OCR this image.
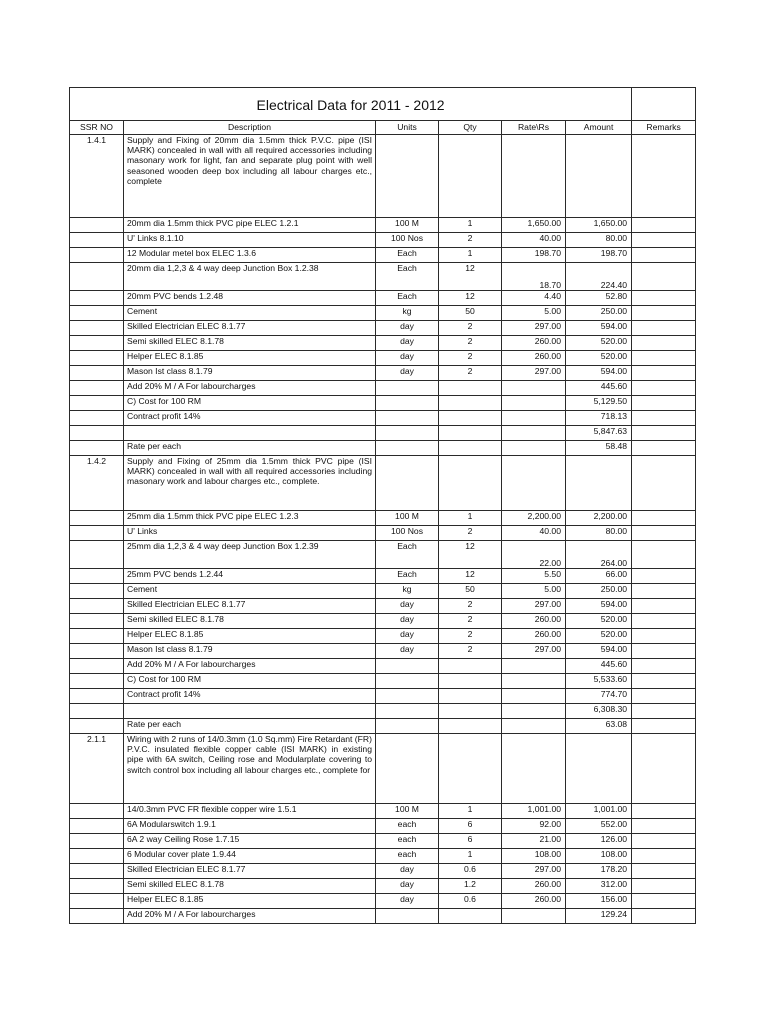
Electrical Data for 2011 - 2012						
SSR NO	Description	Units	Qty	Rate\Rs	Amount	Remarks
1.4.1	Supply and Fixing of 20mm dia 1.5mm thick P.V.C. pipe (ISI MARK) concealed in wall with all required accessories including masonary work for light, fan and separate plug point with well seasoned wooden deep box including all labour charges etc., complete					
	20mm dia 1.5mm thick PVC pipe ELEC 1.2.1	100 M	1	1,650.00	1,650.00	
	U' Links 8.1.10	100 Nos	2	40.00	80.00	
	12 Modular metel box ELEC 1.3.6	Each	1	198.70	198.70	
	20mm dia 1,2,3 & 4 way deep Junction Box 1.2.38	Each	12	18.70	224.40	
	20mm PVC bends 1.2.48	Each	12	4.40	52.80	
	Cement	kg	50	5.00	250.00	
	Skilled Electrician ELEC 8.1.77	day	2	297.00	594.00	
	Semi skilled ELEC 8.1.78	day	2	260.00	520.00	
	Helper ELEC 8.1.85	day	2	260.00	520.00	
	Mason Ist class 8.1.79	day	2	297.00	594.00	
	Add 20% M / A For labourcharges				445.60	
	C) Cost for 100 RM				5,129.50	
	Contract profit 14%				718.13	
					5,847.63	
	Rate per each				58.48	
1.4.2	Supply and Fixing of 25mm dia 1.5mm thick PVC pipe (ISI MARK) concealed in wall with all required accessories including masonary work and labour charges etc., complete.					
	25mm dia 1.5mm thick PVC pipe ELEC 1.2.3	100 M	1	2,200.00	2,200.00	
	U' Links	100 Nos	2	40.00	80.00	
	25mm dia 1,2,3 & 4 way deep Junction Box 1.2.39	Each	12	22.00	264.00	
	25mm PVC bends 1.2.44	Each	12	5.50	66.00	
	Cement	kg	50	5.00	250.00	
	Skilled Electrician ELEC 8.1.77	day	2	297.00	594.00	
	Semi skilled ELEC 8.1.78	day	2	260.00	520.00	
	Helper ELEC 8.1.85	day	2	260.00	520.00	
	Mason Ist class 8.1.79	day	2	297.00	594.00	
	Add 20% M / A For labourcharges				445.60	
	C) Cost for 100 RM				5,533.60	
	Contract profit 14%				774.70	
					6,308.30	
	Rate per each				63.08	
2.1.1	Wiring with 2 runs of 14/0.3mm (1.0 Sq.mm) Fire Retardant (FR) P.V.C. insulated flexible copper cable (ISI MARK) in existing pipe with 6A switch, Ceiling rose and Modularplate covering to switch control box including all labour charges etc., complete for					
	14/0.3mm PVC FR flexible copper wire 1.5.1	100 M	1	1,001.00	1,001.00	
	6A Modularswitch 1.9.1	each	6	92.00	552.00	
	6A 2 way Ceiling Rose 1.7.15	each	6	21.00	126.00	
	6 Modular cover plate 1.9.44	each	1	108.00	108.00	
	Skilled Electrician ELEC 8.1.77	day	0.6	297.00	178.20	
	Semi skilled ELEC 8.1.78	day	1.2	260.00	312.00	
	Helper ELEC 8.1.85	day	0.6	260.00	156.00	
	Add 20% M / A For labourcharges				129.24	
